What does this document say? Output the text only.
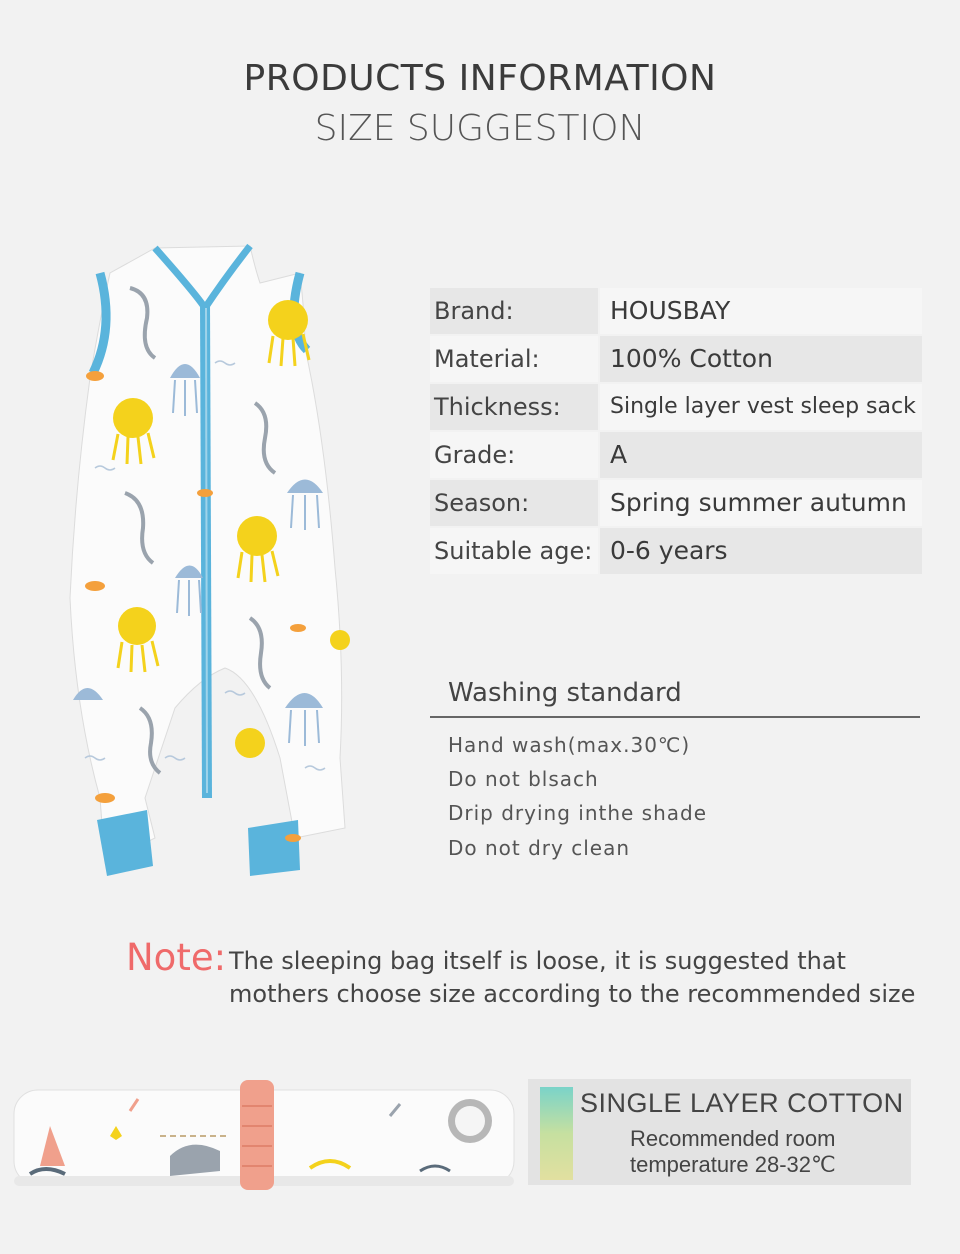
PRODUCTS INFORMATION
SIZE SUGGESTION
Brand:	HOUSBAY
Material:	100% Cotton
Thickness:	Single layer vest sleep sack
Grade:	A
Season:	Spring summer autumn
Suitable age: 0-6 years
Washing standard
Hand wash(max.30℃)
Do not blsach
Drip drying inthe shade
Do not dry clean
Note: The sleeping bag itself is loose, it is suggested that
mothers choose size according to the recommended size
SINGLE LAYER COTTON
Recommended room
temperature 28-32℃
